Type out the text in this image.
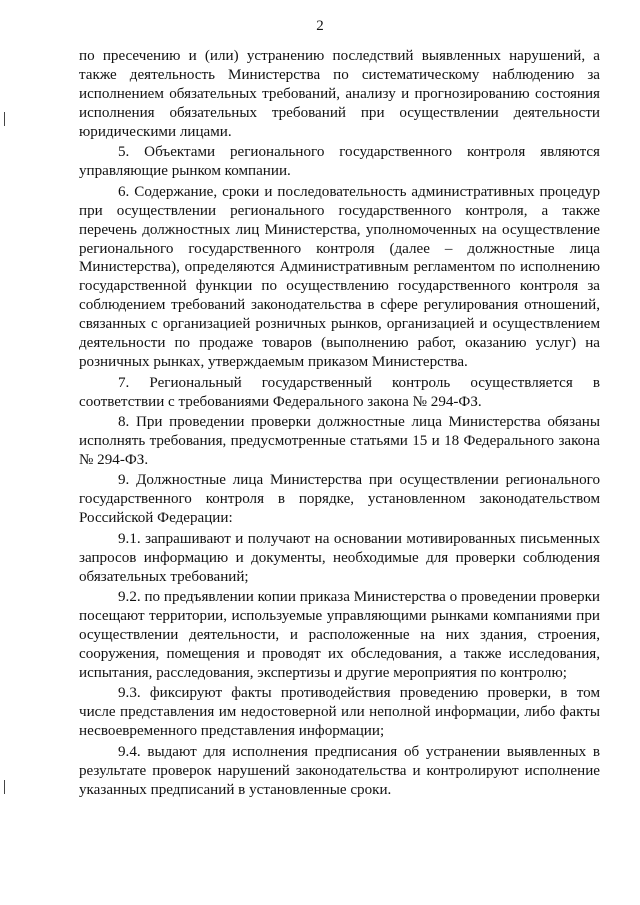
2

по пресечению и (или) устранению последствий выявленных нарушений, а также деятельность Министерства по систематическому наблюдению за исполнением обязательных требований, анализу и прогнозированию состояния исполнения обязательных требований при осуществлении деятельности юридическими лицами.

5. Объектами регионального государственного контроля являются управляющие рынком компании.

6. Содержание, сроки и последовательность административных процедур при осуществлении регионального государственного контроля, а также перечень должностных лиц Министерства, уполномоченных на осуществление регионального государственного контроля (далее – должностные лица Министерства), определяются Административным регламентом по исполнению государственной функции по осуществлению государственного контроля за соблюдением требований законодательства в сфере регулирования отношений, связанных с организацией розничных рынков, организацией и осуществлением деятельности по продаже товаров (выполнению работ, оказанию услуг) на розничных рынках, утверждаемым приказом Министерства.

7. Региональный государственный контроль осуществляется в соответствии с требованиями Федерального закона № 294-ФЗ.

8. При проведении проверки должностные лица Министерства обязаны исполнять требования, предусмотренные статьями 15 и 18 Федерального закона № 294-ФЗ.

9. Должностные лица Министерства при осуществлении регионального государственного контроля в порядке, установленном законодательством Российской Федерации:

9.1. запрашивают и получают на основании мотивированных письменных запросов информацию и документы, необходимые для проверки соблюдения обязательных требований;

9.2. по предъявлении копии приказа Министерства о проведении проверки посещают территории, используемые управляющими рынками компаниями при осуществлении деятельности, и расположенные на них здания, строения, сооружения, помещения и проводят их обследования, а также исследования, испытания, расследования, экспертизы и другие мероприятия по контролю;

9.3. фиксируют факты противодействия проведению проверки, в том числе представления им недостоверной или неполной информации, либо факты несвоевременного представления информации;

9.4. выдают для исполнения предписания об устранении выявленных в результате проверок нарушений законодательства и контролируют исполнение указанных предписаний в установленные сроки.
